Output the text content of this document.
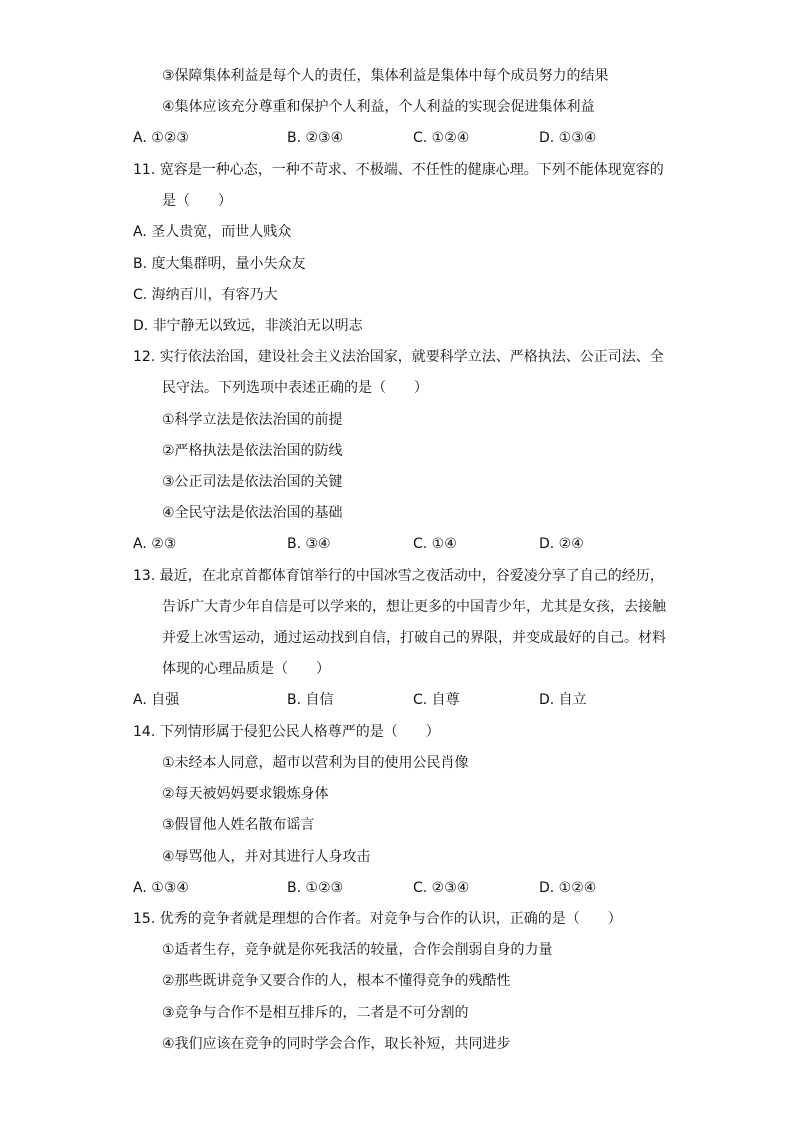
③保障集体利益是每个人的责任，集体利益是集体中每个成员努力的结果
④集体应该充分尊重和保护个人利益，个人利益的实现会促进集体利益
A. ①②③	B. ②③④	C. ①②④	D. ①③④
11. 宽容是一种心态，一种不苛求、不极端、不任性的健康心理。下列不能体现宽容的
是（　　）
A. 圣人贵宽，而世人贱众
B. 度大集群明，量小失众友
C. 海纳百川，有容乃大
D. 非宁静无以致远，非淡泊无以明志
12. 实行依法治国，建设社会主义法治国家，就要科学立法、严格执法、公正司法、全
民守法。下列选项中表述正确的是（　　）
①科学立法是依法治国的前提
②严格执法是依法治国的防线
③公正司法是依法治国的关键
④全民守法是依法治国的基础
A. ②③	B. ③④	C. ①④	D. ②④
13. 最近，在北京首都体育馆举行的中国冰雪之夜活动中，谷爱凌分享了自己的经历，
告诉广大青少年自信是可以学来的，想让更多的中国青少年，尤其是女孩，去接触
并爱上冰雪运动，通过运动找到自信，打破自己的界限，并变成最好的自己。材料
体现的心理品质是（　　）
A. 自强	B. 自信	C. 自尊	D. 自立
14. 下列情形属于侵犯公民人格尊严的是（　　）
①未经本人同意，超市以营利为目的使用公民肖像
②每天被妈妈要求锻炼身体
③假冒他人姓名散布谣言
④辱骂他人，并对其进行人身攻击
A. ①③④	B. ①②③	C. ②③④	D. ①②④
15. 优秀的竞争者就是理想的合作者。对竞争与合作的认识，正确的是（　　）
①适者生存，竞争就是你死我活的较量，合作会削弱自身的力量
②那些既讲竞争又要合作的人，根本不懂得竞争的残酷性
③竞争与合作不是相互排斥的，二者是不可分割的
④我们应该在竞争的同时学会合作，取长补短，共同进步
